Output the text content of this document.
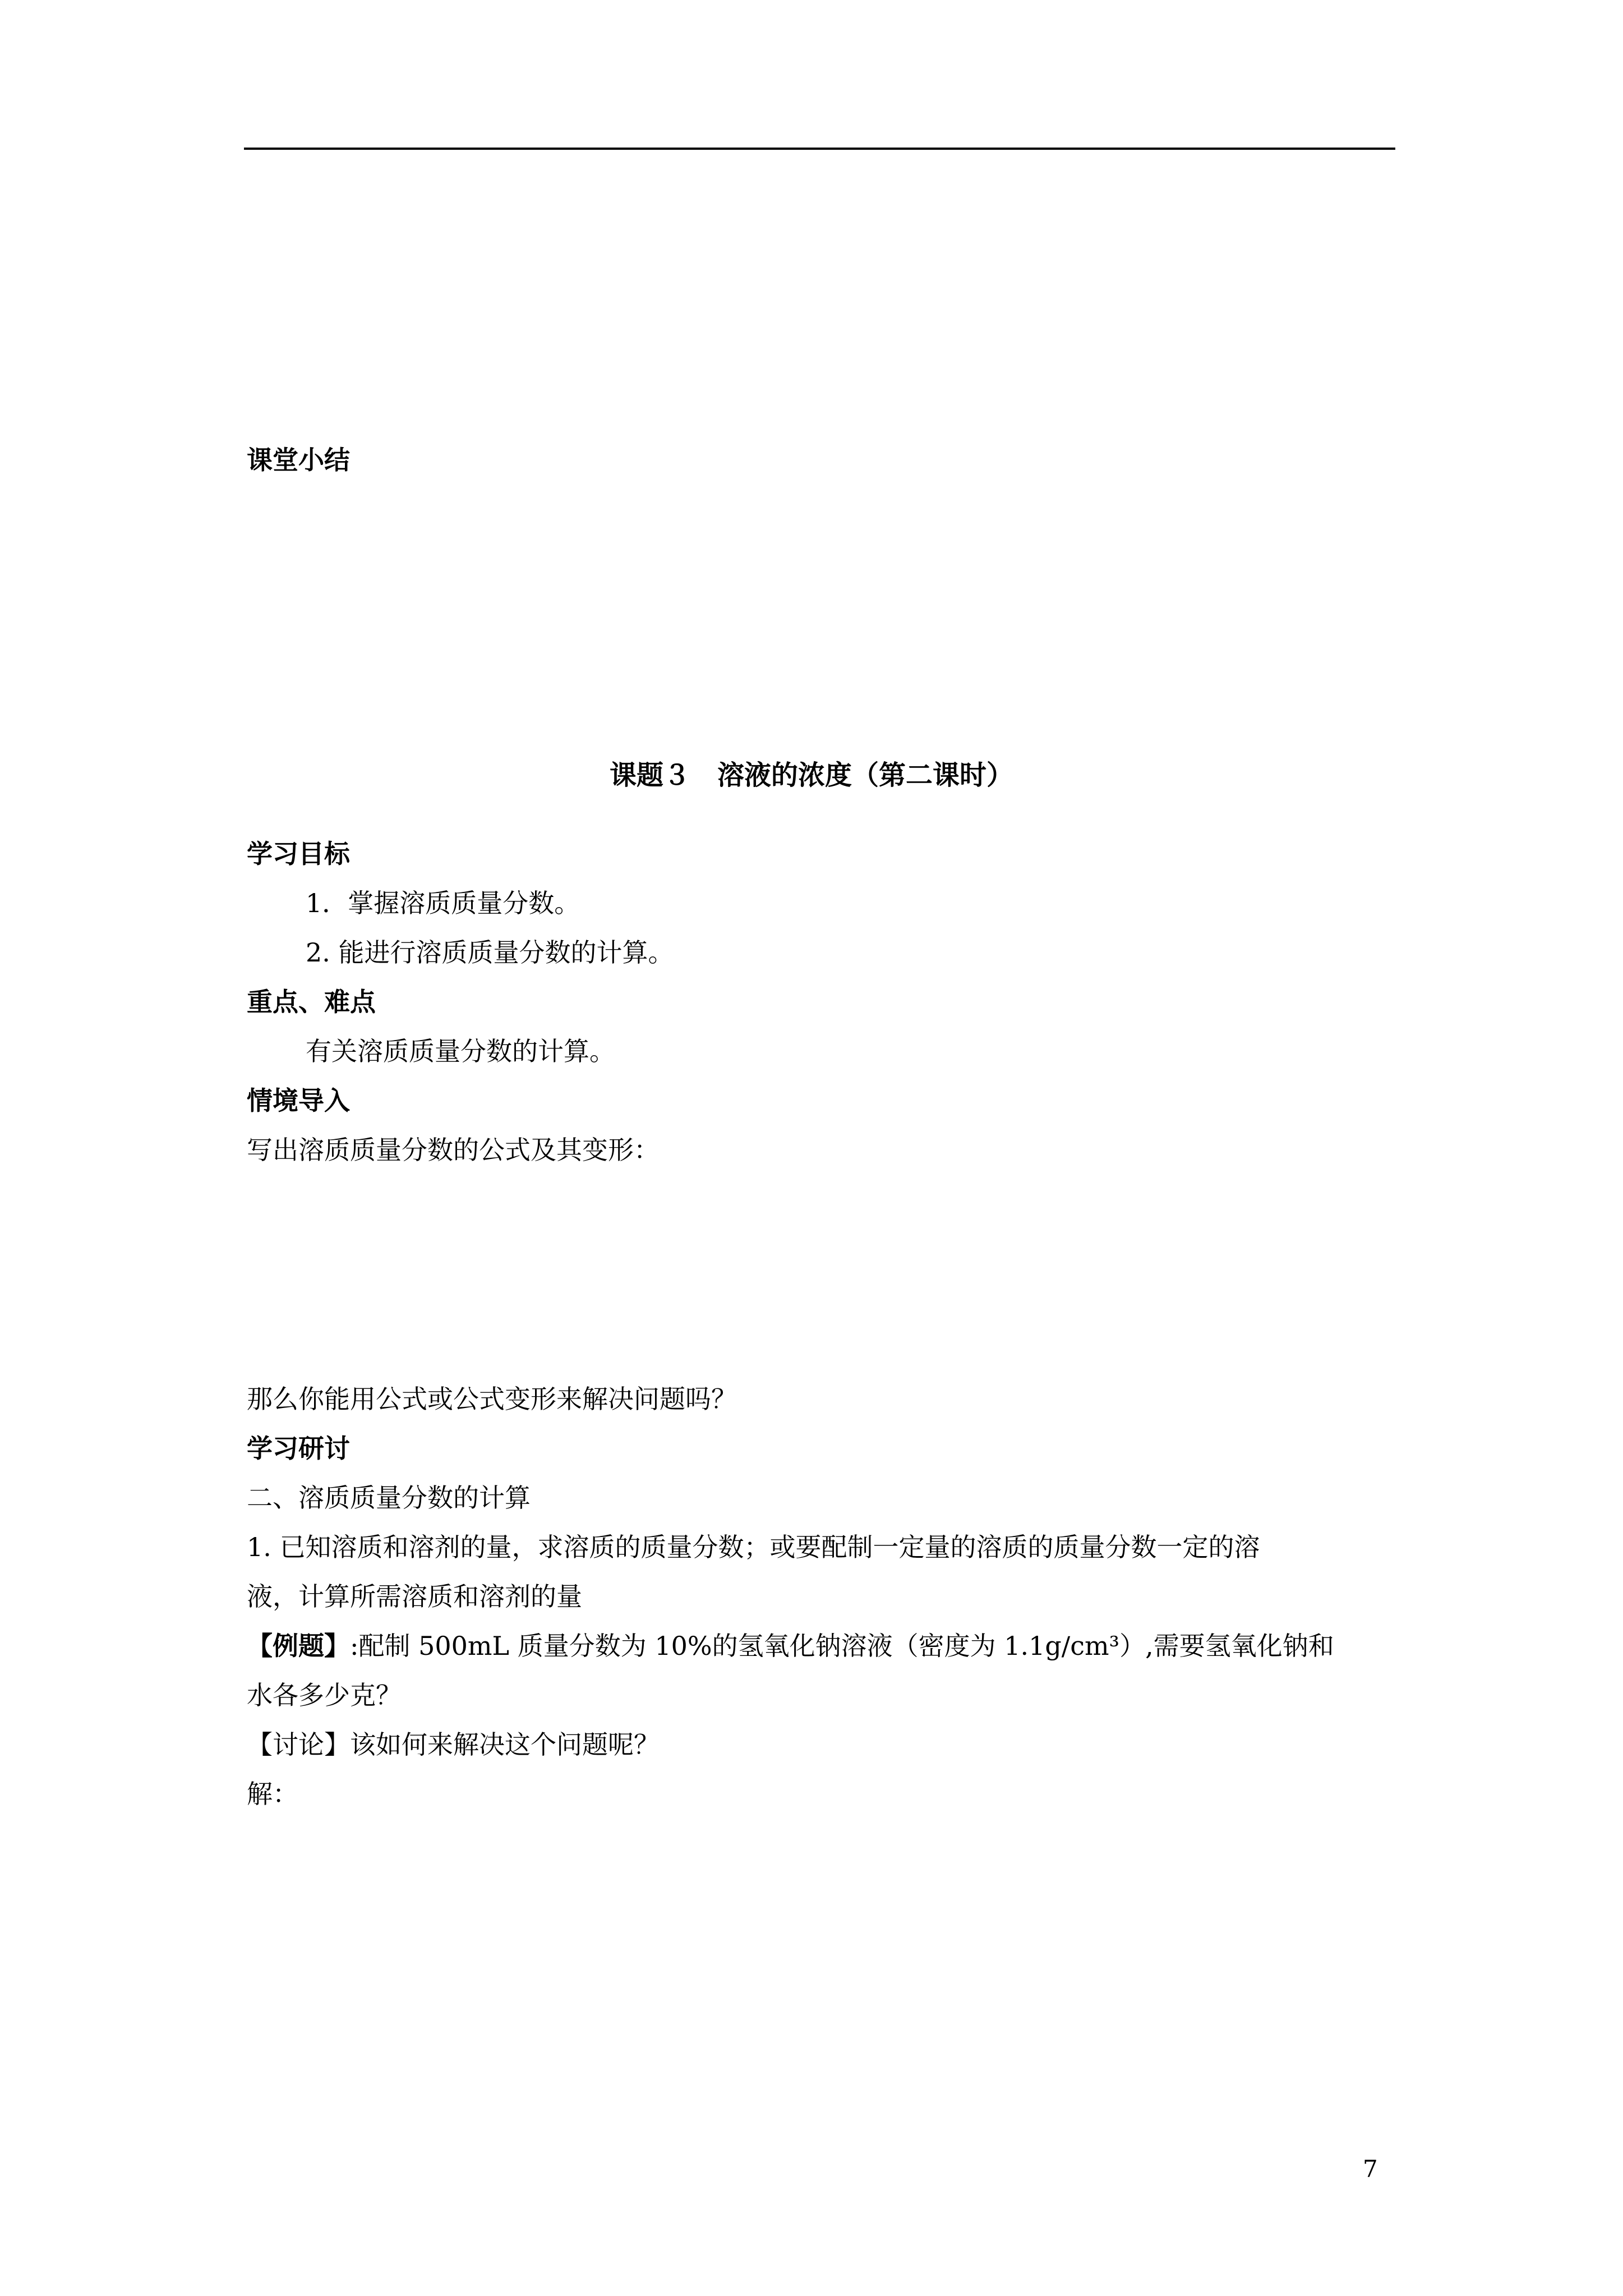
课堂小结
课题３　溶液的浓度（第二课时）
学习目标
1．掌握溶质质量分数。
2. 能进行溶质质量分数的计算。
重点、难点
有关溶质质量分数的计算。
情境导入
写出溶质质量分数的公式及其变形：
那么你能用公式或公式变形来解决问题吗？
学习研讨
二、溶质质量分数的计算
1. 已知溶质和溶剂的量，求溶质的质量分数；或要配制一定量的溶质的质量分数一定的溶
液，计算所需溶质和溶剂的量
【例题】:配制 500mL 质量分数为 10%的氢氧化钠溶液（密度为 1.1g/cm³）,需要氢氧化钠和
水各多少克？
【讨论】该如何来解决这个问题呢？
解：
7
